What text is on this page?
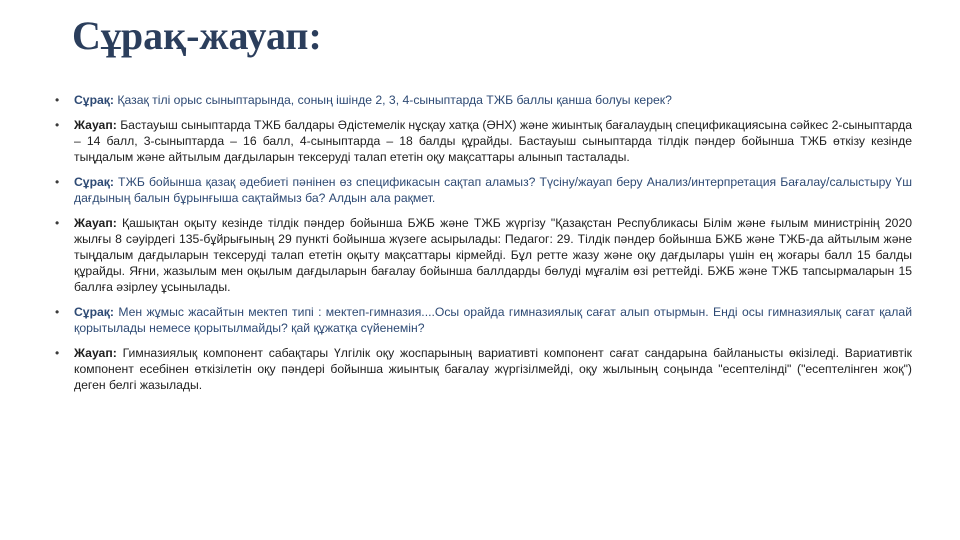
Сұрақ-жауап:
• Сұрақ: Қазақ тілі орыс сыныптарында, соның ішінде 2, 3, 4-сыныптарда ТЖБ баллы қанша болуы керек?
• Жауап: Бастауыш сыныптарда ТЖБ балдары Әдістемелік нұсқау хатқа (ӘНХ) және жиынтық бағалаудың спецификациясына сәйкес 2-сыныптарда – 14 балл, 3-сыныптарда – 16 балл, 4-сыныптарда – 18 балды құрайды. Бастауыш сыныптарда тілдік пәндер бойынша ТЖБ өткізу кезінде тыңдалым және айтылым дағдыларын тексеруді талап ететін оқу мақсаттары алынып тасталады.
• Сұрақ: ТЖБ бойынша қазақ әдебиеті пәнінен өз спецификасын сақтап аламыз? Түсіну/жауап беру Анализ/интерпретация Бағалау/салыстыру Үш дағдының балын бұрынғыша сақтаймыз ба? Алдын ала рақмет.
• Жауап: Қашықтан оқыту кезінде тілдік пәндер бойынша БЖБ және ТЖБ жүргізу "Қазақстан Республикасы Білім және ғылым министрінің 2020 жылғы 8 сәуірдегі 135-бұйрығының 29 пункті бойынша жүзеге асырылады: Педагог: 29. Тілдік пәндер бойынша БЖБ және ТЖБ-да айтылым және тыңдалым дағдыларын тексеруді талап ететін оқыту мақсаттары кірмейді. Бұл ретте жазу және оқу дағдылары үшін ең жоғары балл 15 балды құрайды. Яғни, жазылым мен оқылым дағдыларын бағалау бойынша баллдарды бөлуді мұғалім өзі реттейді. БЖБ және ТЖБ тапсырмаларын 15 баллға әзірлеу ұсынылады.
• Сұрақ: Мен жұмыс жасайтын мектеп типі : мектеп-гимназия....Осы орайда гимназиялық сағат алып отырмын. Енді осы гимназиялық сағат қалай қорытылады немесе қорытылмайды? қай құжатқа сүйенемін?
• Жауап: Гимназиялық компонент сабақтары Үлгілік оқу жоспарының вариативті компонент сағат сандарына байланысты өкізіледі. Вариативтік компонент есебінен өткізілетін оқу пәндері бойынша жиынтық бағалау жүргізілмейді, оқу жылының соңында "есептелінді" ("есептелінген жоқ") деген белгі жазылады.
